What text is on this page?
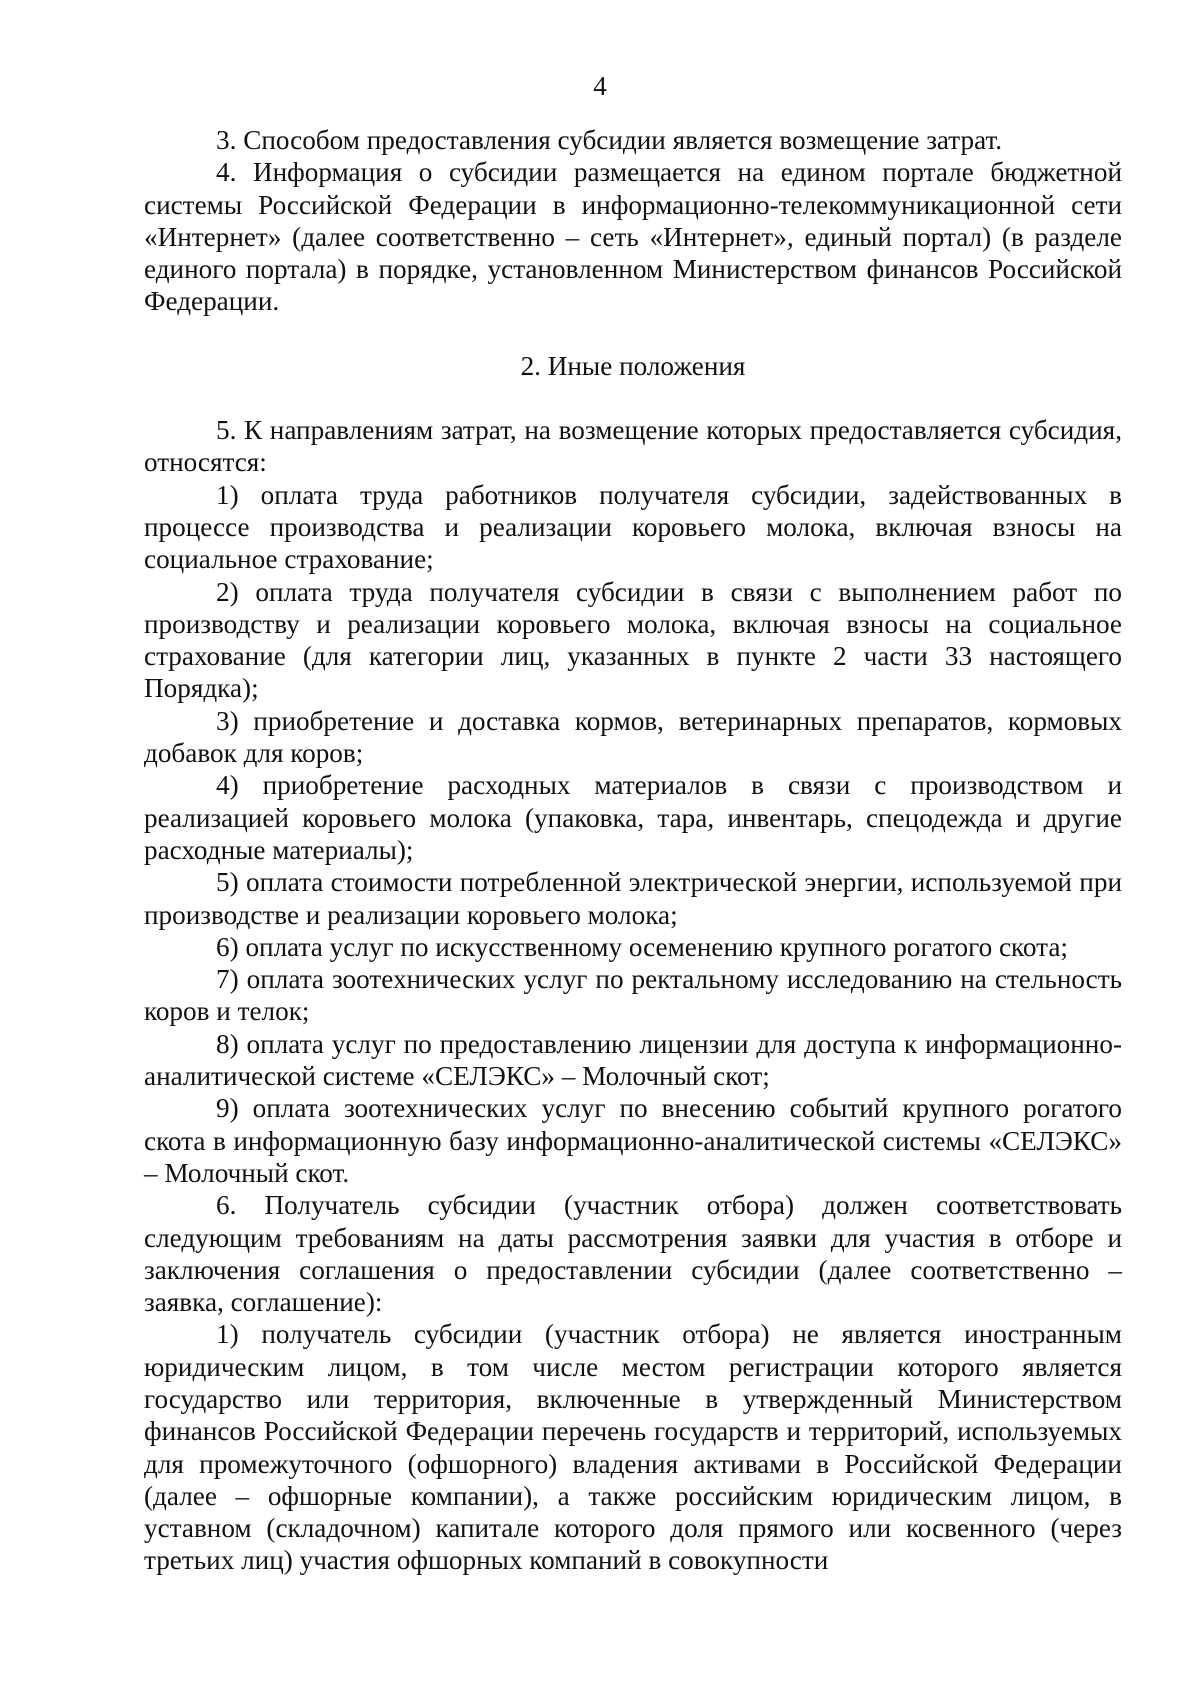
4

3. Способом предоставления субсидии является возмещение затрат.

4. Информация о субсидии размещается на едином портале бюджетной системы Российской Федерации в информационно-телекоммуникационной сети «Интернет» (далее соответственно – сеть «Интернет», единый портал) (в разделе единого портала) в порядке, установленном Министерством финансов Российской Федерации.

2. Иные положения

5. К направлениям затрат, на возмещение которых предоставляется субсидия, относятся:

1) оплата труда работников получателя субсидии, задействованных в процессе производства и реализации коровьего молока, включая взносы на социальное страхование;

2) оплата труда получателя субсидии в связи с выполнением работ по производству и реализации коровьего молока, включая взносы на социальное страхование (для категории лиц, указанных в пункте 2 части 33 настоящего Порядка);

3) приобретение и доставка кормов, ветеринарных препаратов, кормовых добавок для коров;

4) приобретение расходных материалов в связи с производством и реализацией коровьего молока (упаковка, тара, инвентарь, спецодежда и другие расходные материалы);

5) оплата стоимости потребленной электрической энергии, используемой при производстве и реализации коровьего молока;

6) оплата услуг по искусственному осеменению крупного рогатого скота;

7) оплата зоотехнических услуг по ректальному исследованию на стельность коров и телок;

8) оплата услуг по предоставлению лицензии для доступа к информационно-аналитической системе «СЕЛЭКС» – Молочный скот;

9) оплата зоотехнических услуг по внесению событий крупного рогатого скота в информационную базу информационно-аналитической системы «СЕЛЭКС» – Молочный скот.

6. Получатель субсидии (участник отбора) должен соответствовать следующим требованиям на даты рассмотрения заявки для участия в отборе и заключения соглашения о предоставлении субсидии (далее соответственно – заявка, соглашение):

1) получатель субсидии (участник отбора) не является иностранным юридическим лицом, в том числе местом регистрации которого является государство или территория, включенные в утвержденный Министерством финансов Российской Федерации перечень государств и территорий, используемых для промежуточного (офшорного) владения активами в Российской Федерации (далее – офшорные компании), а также российским юридическим лицом, в уставном (складочном) капитале которого доля прямого или косвенного (через третьих лиц) участия офшорных компаний в совокупности
